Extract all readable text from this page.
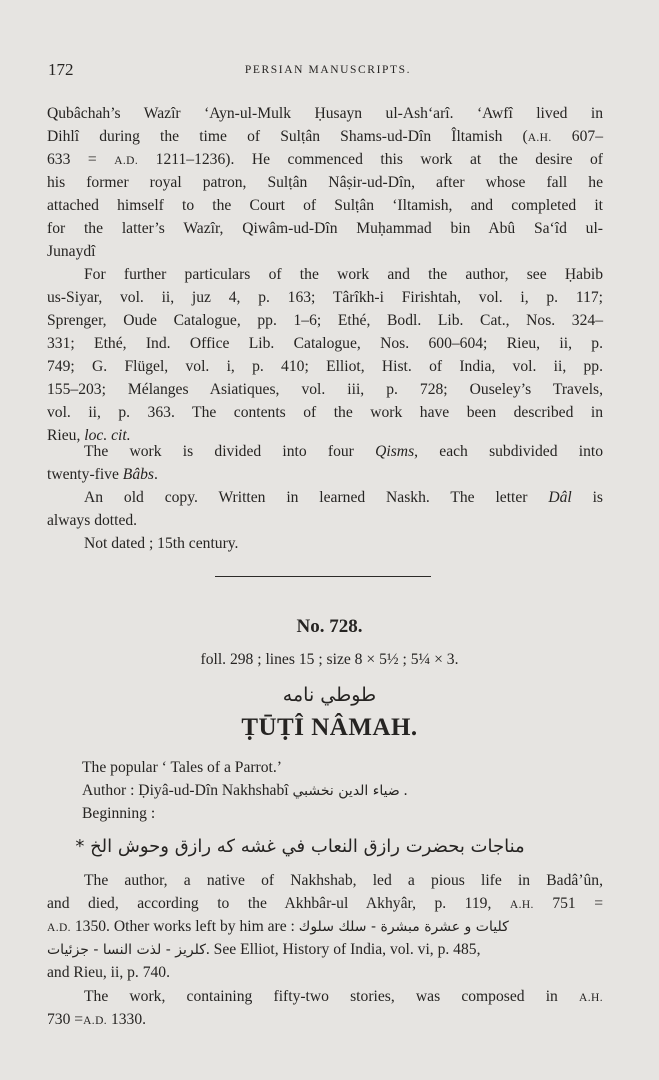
172	PERSIAN MANUSCRIPTS.
Qubâchah’s Wazîr ‘Ayn-ul-Mulk Ḥusayn ul-Ash‘arî. ‘Awfî lived in
Dihlî during the time of Sulṭân Shams-ud-Dîn Îltamish (A.H. 607–
633 = A.D. 1211–1236). He commenced this work at the desire of
his former royal patron, Sulṭân Nâṣir-ud-Dîn, after whose fall he
attached himself to the Court of Sulṭân ‘Iltamish, and completed it
for the latter’s Wazîr, Qiwâm-ud-Dîn Muḥammad bin Abû Sa‘îd ul-
Junaydî
For further particulars of the work and the author, see Ḥabib
us-Siyar, vol. ii, juz 4, p. 163; Târîkh-i Firishtah, vol. i, p. 117;
Sprenger, Oude Catalogue, pp. 1–6; Ethé, Bodl. Lib. Cat., Nos. 324–
331; Ethé, Ind. Office Lib. Catalogue, Nos. 600–604; Rieu, ii, p.
749; G. Flügel, vol. i, p. 410; Elliot, Hist. of India, vol. ii, pp.
155–203; Mélanges Asiatiques, vol. iii, p. 728; Ouseley’s Travels,
vol. ii, p. 363. The contents of the work have been described in
Rieu, loc. cit.
The work is divided into four Qisms, each subdivided into
twenty-five Bâbs.
An old copy. Written in learned Naskh. The letter Dâl is
always dotted.
Not dated ; 15th century.
No. 728.
foll. 298 ; lines 15 ; size 8 × 5½ ; 5¼ × 3.
طوطي نامه
ṬŪṬÎ NÂMAH.
The popular ‘ Tales of a Parrot.’
Author : Ḍiyâ-ud-Dîn Nakhshabî ضياء الدين نخشبي .
Beginning :
مناجات بحضرت رازق النعاب في غشه كه رازق وحوش الخ *
The author, a native of Nakhshab, led a pious life in Badâ’ûn,
and died, according to the Akhbâr-ul Akhyâr, p. 119, A.H. 751 =
A.D. 1350. Other works left by him are : كليات و عشرة مبشرة - سلك سلوك
كلريز - لذت النسا - جزئيات. See Elliot, History of India, vol. vi, p. 485,
and Rieu, ii, p. 740.
The work, containing fifty-two stories, was composed in A.H.
730 =A.D. 1330.
